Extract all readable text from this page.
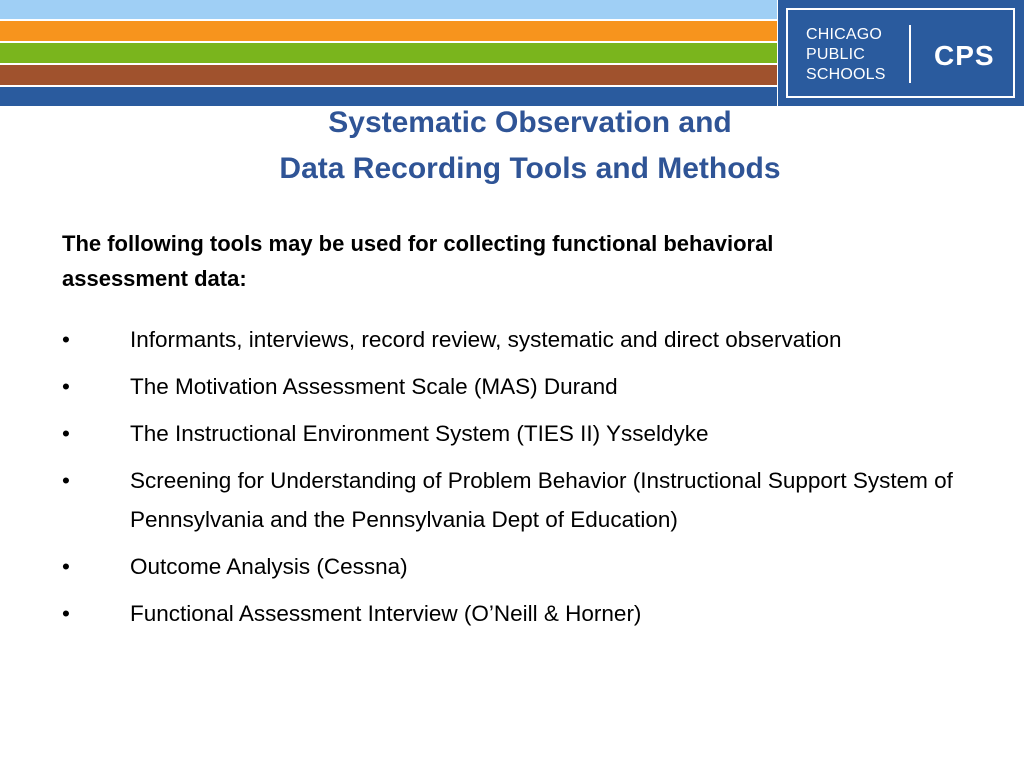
CHICAGO
PUBLIC
SCHOOLS
CPS
Systematic Observation and
Data Recording Tools and Methods
The following tools may be used for collecting functional behavioral assessment data:
•	Informants, interviews, record review, systematic and direct observation
•	The Motivation Assessment Scale (MAS) Durand
•	The Instructional Environment System (TIES II) Ysseldyke
•	Screening for Understanding of Problem Behavior (Instructional Support System of Pennsylvania and the Pennsylvania Dept of Education)
•	Outcome Analysis (Cessna)
•	Functional Assessment Interview (O’Neill & Horner)
